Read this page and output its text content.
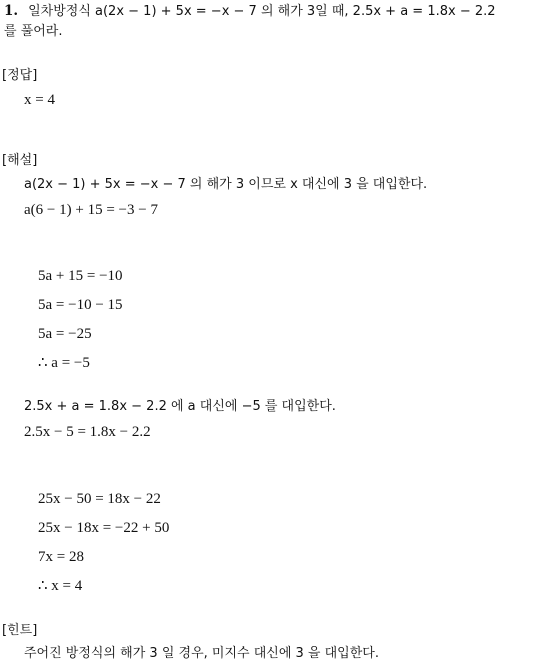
1. 일차방정식 a(2x − 1) + 5x = −x − 7 의 해가 3일 때, 2.5x + a = 1.8x − 2.2
를 풀어라.
[정답]
x = 4
[해설]
a(2x − 1) + 5x = −x − 7 의 해가 3 이므로 x 대신에 3 을 대입한다.
a(6 − 1) + 15 = −3 − 7
5a + 15 = −10
5a = −10 − 15
5a = −25
∴ a = −5
2.5x + a = 1.8x − 2.2 에 a 대신에 −5 를 대입한다.
2.5x − 5 = 1.8x − 2.2
25x − 50 = 18x − 22
25x − 18x = −22 + 50
7x = 28
∴ x = 4
[힌트]
주어진 방정식의 해가 3 일 경우, 미지수 대신에 3 을 대입한다.
